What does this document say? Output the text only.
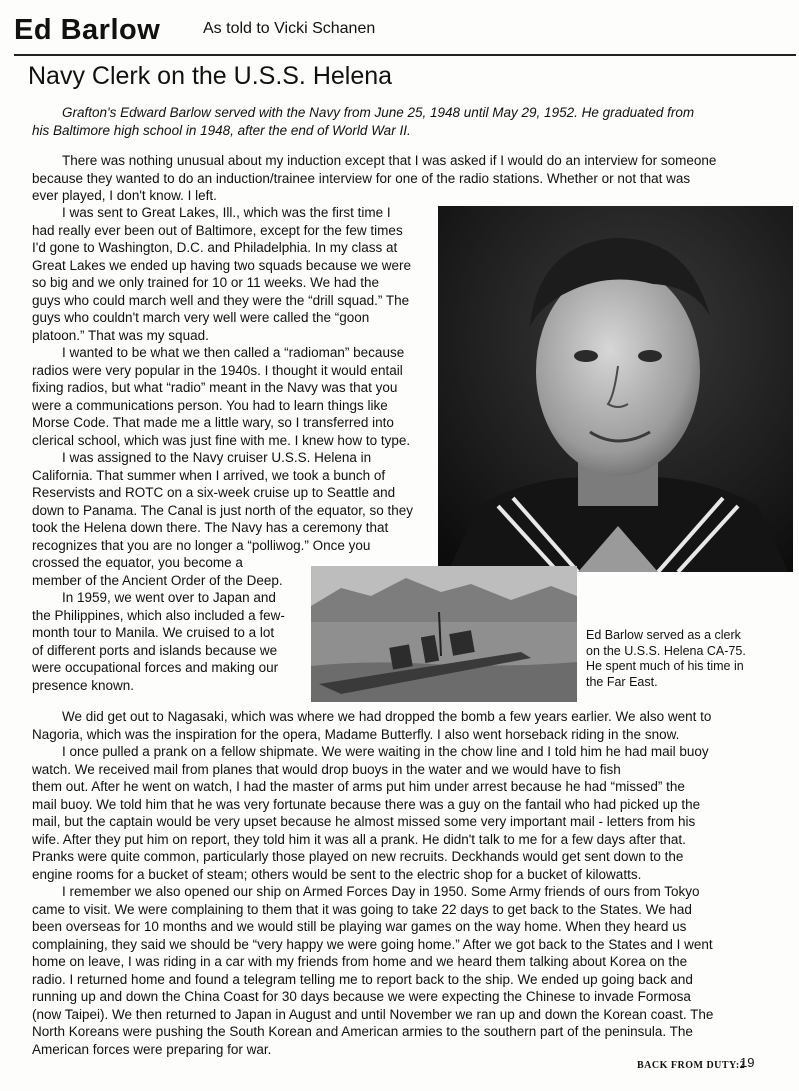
Ed Barlow	As told to Vicki Schanen
Navy Clerk on the U.S.S. Helena
Grafton's Edward Barlow served with the Navy from June 25, 1948 until May 29, 1952. He graduated from
his Baltimore high school in 1948, after the end of World War II.
There was nothing unusual about my induction except that I was asked if I would do an interview for someone
because they wanted to do an induction/trainee interview for one of the radio stations. Whether or not that was
ever played, I don't know. I left.
I was sent to Great Lakes, Ill., which was the first time I
had really ever been out of Baltimore, except for the few times
I'd gone to Washington, D.C. and Philadelphia. In my class at
Great Lakes we ended up having two squads because we were
so big and we only trained for 10 or 11 weeks. We had the
guys who could march well and they were the “drill squad.” The
guys who couldn't march very well were called the “goon
platoon.” That was my squad.
I wanted to be what we then called a “radioman” because
radios were very popular in the 1940s. I thought it would entail
fixing radios, but what “radio” meant in the Navy was that you
were a communications person. You had to learn things like
Morse Code. That made me a little wary, so I transferred into
clerical school, which was just fine with me. I knew how to type.
I was assigned to the Navy cruiser U.S.S. Helena in
California. That summer when I arrived, we took a bunch of
Reservists and ROTC on a six-week cruise up to Seattle and
down to Panama. The Canal is just north of the equator, so they
took the Helena down there. The Navy has a ceremony that
recognizes that you are no longer a “polliwog.” Once you
crossed the equator, you become a
member of the Ancient Order of the Deep.
In 1959, we went over to Japan and
the Philippines, which also included a few-
month tour to Manila. We cruised to a lot
of different ports and islands because we
were occupational forces and making our
presence known.
Ed Barlow served as a clerk
on the U.S.S. Helena CA-75.
He spent much of his time in
the Far East.
We did get out to Nagasaki, which was where we had dropped the bomb a few years earlier. We also went to
Nagoria, which was the inspiration for the opera, Madame Butterfly. I also went horseback riding in the snow.
I once pulled a prank on a fellow shipmate. We were waiting in the chow line and I told him he had mail buoy
watch. We received mail from planes that would drop buoys in the water and we would have to fish
them out. After he went on watch, I had the master of arms put him under arrest because he had “missed” the
mail buoy. We told him that he was very fortunate because there was a guy on the fantail who had picked up the
mail, but the captain would be very upset because he almost missed some very important mail - letters from his
wife. After they put him on report, they told him it was all a prank. He didn't talk to me for a few days after that.
Pranks were quite common, particularly those played on new recruits. Deckhands would get sent down to the
engine rooms for a bucket of steam; others would be sent to the electric shop for a bucket of kilowatts.
I remember we also opened our ship on Armed Forces Day in 1950. Some Army friends of ours from Tokyo
came to visit. We were complaining to them that it was going to take 22 days to get back to the States. We had
been overseas for 10 months and we would still be playing war games on the way home. When they heard us
complaining, they said we should be “very happy we were going home.” After we got back to the States and I went
home on leave, I was riding in a car with my friends from home and we heard them talking about Korea on the
radio. I returned home and found a telegram telling me to report back to the ship. We ended up going back and
running up and down the China Coast for 30 days because we were expecting the Chinese to invade Formosa
(now Taipei). We then returned to Japan in August and until November we ran up and down the Korean coast. The
North Koreans were pushing the South Korean and American armies to the southern part of the peninsula. The
American forces were preparing for war.
BACK FROM DUTY:2
19
